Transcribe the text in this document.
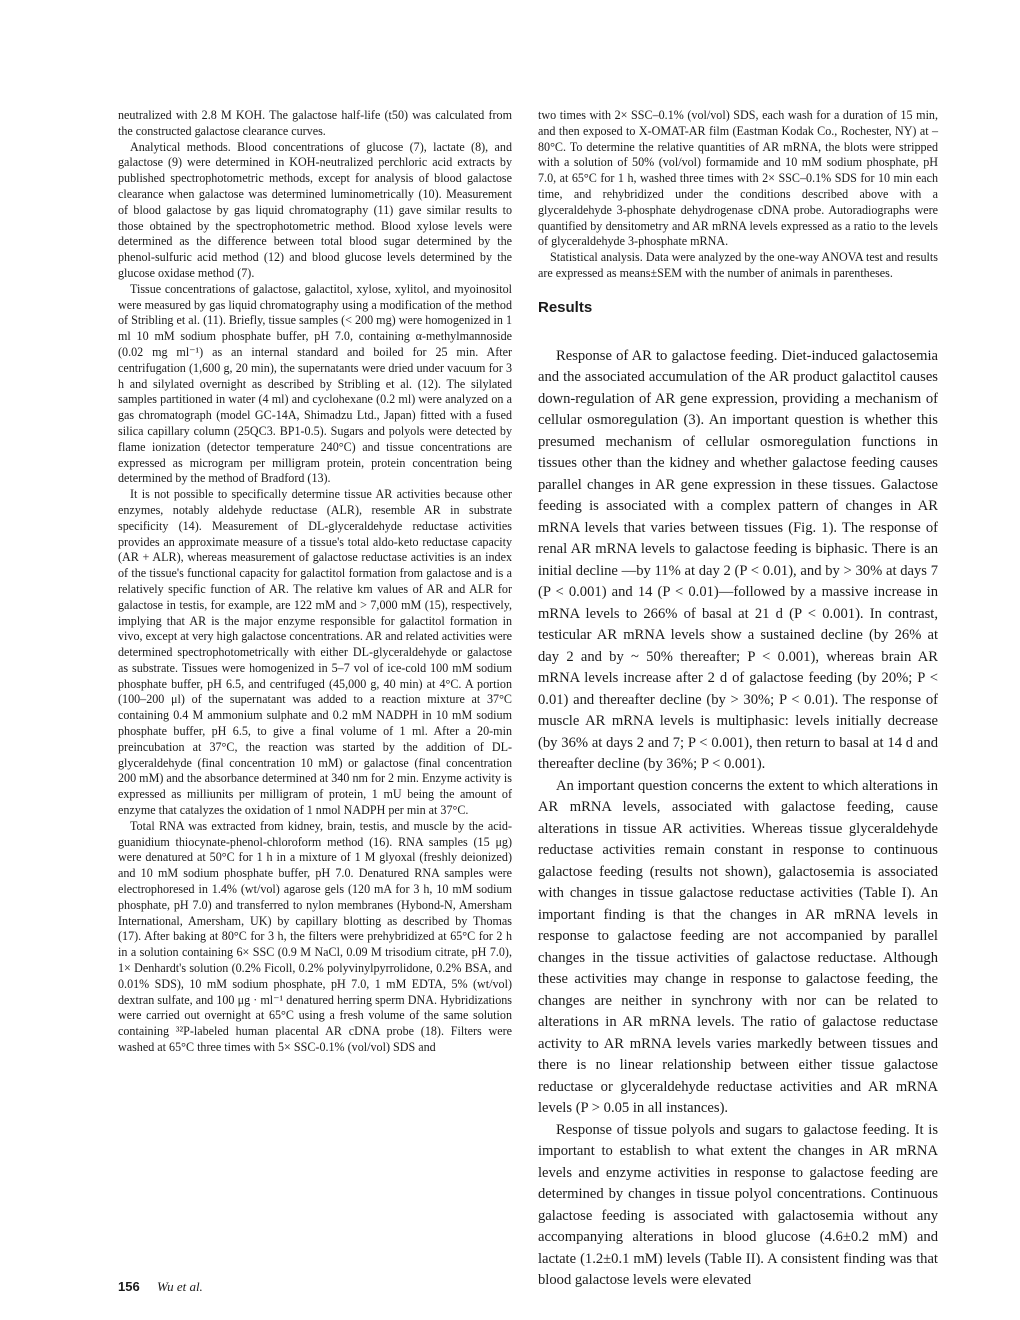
neutralized with 2.8 M KOH. The galactose half-life (t50) was calculated from the constructed galactose clearance curves.

Analytical methods. Blood concentrations of glucose (7), lactate (8), and galactose (9) were determined in KOH-neutralized perchloric acid extracts by published spectrophotometric methods, except for analysis of blood galactose clearance when galactose was determined luminometrically (10). Measurement of blood galactose by gas liquid chromatography (11) gave similar results to those obtained by the spectrophotometric method. Blood xylose levels were determined as the difference between total blood sugar determined by the phenol-sulfuric acid method (12) and blood glucose levels determined by the glucose oxidase method (7).

Tissue concentrations of galactose, galactitol, xylose, xylitol, and myoinositol were measured by gas liquid chromatography using a modification of the method of Stribling et al. (11). Briefly, tissue samples (< 200 mg) were homogenized in 1 ml 10 mM sodium phosphate buffer, pH 7.0, containing α-methylmannoside (0.02 mg ml⁻¹) as an internal standard and boiled for 25 min. After centrifugation (1,600 g, 20 min), the supernatants were dried under vacuum for 3 h and silylated overnight as described by Stribling et al. (12). The silylated samples partitioned in water (4 ml) and cyclohexane (0.2 ml) were analyzed on a gas chromatograph (model GC-14A, Shimadzu Ltd., Japan) fitted with a fused silica capillary column (25QC3. BP1-0.5). Sugars and polyols were detected by flame ionization (detector temperature 240°C) and tissue concentrations are expressed as microgram per milligram protein, protein concentration being determined by the method of Bradford (13).

It is not possible to specifically determine tissue AR activities because other enzymes, notably aldehyde reductase (ALR), resemble AR in substrate specificity (14). Measurement of DL-glyceraldehyde reductase activities provides an approximate measure of a tissue's total aldo-keto reductase capacity (AR + ALR), whereas measurement of galactose reductase activities is an index of the tissue's functional capacity for galactitol formation from galactose and is a relatively specific function of AR. The relative km values of AR and ALR for galactose in testis, for example, are 122 mM and > 7,000 mM (15), respectively, implying that AR is the major enzyme responsible for galactitol formation in vivo, except at very high galactose concentrations. AR and related activities were determined spectrophotometrically with either DL-glyceraldehyde or galactose as substrate. Tissues were homogenized in 5–7 vol of ice-cold 100 mM sodium phosphate buffer, pH 6.5, and centrifuged (45,000 g, 40 min) at 4°C. A portion (100–200 μl) of the supernatant was added to a reaction mixture at 37°C containing 0.4 M ammonium sulphate and 0.2 mM NADPH in 10 mM sodium phosphate buffer, pH 6.5, to give a final volume of 1 ml. After a 20-min preincubation at 37°C, the reaction was started by the addition of DL-glyceraldehyde (final concentration 10 mM) or galactose (final concentration 200 mM) and the absorbance determined at 340 nm for 2 min. Enzyme activity is expressed as milliunits per milligram of protein, 1 mU being the amount of enzyme that catalyzes the oxidation of 1 nmol NADPH per min at 37°C.

Total RNA was extracted from kidney, brain, testis, and muscle by the acid-guanidium thiocynate-phenol-chloroform method (16). RNA samples (15 μg) were denatured at 50°C for 1 h in a mixture of 1 M glyoxal (freshly deionized) and 10 mM sodium phosphate buffer, pH 7.0. Denatured RNA samples were electrophoresed in 1.4% (wt/vol) agarose gels (120 mA for 3 h, 10 mM sodium phosphate, pH 7.0) and transferred to nylon membranes (Hybond-N, Amersham International, Amersham, UK) by capillary blotting as described by Thomas (17). After baking at 80°C for 3 h, the filters were prehybridized at 65°C for 2 h in a solution containing 6× SSC (0.9 M NaCl, 0.09 M trisodium citrate, pH 7.0), 1× Denhardt's solution (0.2% Ficoll, 0.2% polyvinylpyrrolidone, 0.2% BSA, and 0.01% SDS), 10 mM sodium phosphate, pH 7.0, 1 mM EDTA, 5% (wt/vol) dextran sulfate, and 100 μg · ml⁻¹ denatured herring sperm DNA. Hybridizations were carried out overnight at 65°C using a fresh volume of the same solution containing ³²P-labeled human placental AR cDNA probe (18). Filters were washed at 65°C three times with 5× SSC-0.1% (vol/vol) SDS and

two times with 2× SSC–0.1% (vol/vol) SDS, each wash for a duration of 15 min, and then exposed to X-OMAT-AR film (Eastman Kodak Co., Rochester, NY) at –80°C. To determine the relative quantities of AR mRNA, the blots were stripped with a solution of 50% (vol/vol) formamide and 10 mM sodium phosphate, pH 7.0, at 65°C for 1 h, washed three times with 2× SSC–0.1% SDS for 10 min each time, and rehybridized under the conditions described above with a glyceraldehyde 3-phosphate dehydrogenase cDNA probe. Autoradiographs were quantified by densitometry and AR mRNA levels expressed as a ratio to the levels of glyceraldehyde 3-phosphate mRNA.

Statistical analysis. Data were analyzed by the one-way ANOVA test and results are expressed as means±SEM with the number of animals in parentheses.

Results

Response of AR to galactose feeding. Diet-induced galactosemia and the associated accumulation of the AR product galactitol causes down-regulation of AR gene expression, providing a mechanism of cellular osmoregulation (3). An important question is whether this presumed mechanism of cellular osmoregulation functions in tissues other than the kidney and whether galactose feeding causes parallel changes in AR gene expression in these tissues. Galactose feeding is associated with a complex pattern of changes in AR mRNA levels that varies between tissues (Fig. 1). The response of renal AR mRNA levels to galactose feeding is biphasic. There is an initial decline —by 11% at day 2 (P < 0.01), and by > 30% at days 7 (P < 0.001) and 14 (P < 0.01)—followed by a massive increase in mRNA levels to 266% of basal at 21 d (P < 0.001). In contrast, testicular AR mRNA levels show a sustained decline (by 26% at day 2 and by ~ 50% thereafter; P < 0.001), whereas brain AR mRNA levels increase after 2 d of galactose feeding (by 20%; P < 0.01) and thereafter decline (by > 30%; P < 0.01). The response of muscle AR mRNA levels is multiphasic: levels initially decrease (by 36% at days 2 and 7; P < 0.001), then return to basal at 14 d and thereafter decline (by 36%; P < 0.001).

An important question concerns the extent to which alterations in AR mRNA levels, associated with galactose feeding, cause alterations in tissue AR activities. Whereas tissue glyceraldehyde reductase activities remain constant in response to continuous galactose feeding (results not shown), galactosemia is associated with changes in tissue galactose reductase activities (Table I). An important finding is that the changes in AR mRNA levels in response to galactose feeding are not accompanied by parallel changes in the tissue activities of galactose reductase. Although these activities may change in response to galactose feeding, the changes are neither in synchrony with nor can be related to alterations in AR mRNA levels. The ratio of galactose reductase activity to AR mRNA levels varies markedly between tissues and there is no linear relationship between either tissue galactose reductase or glyceraldehyde reductase activities and AR mRNA levels (P > 0.05 in all instances).

Response of tissue polyols and sugars to galactose feeding. It is important to establish to what extent the changes in AR mRNA levels and enzyme activities in response to galactose feeding are determined by changes in tissue polyol concentrations. Continuous galactose feeding is associated with galactosemia without any accompanying alterations in blood glucose (4.6±0.2 mM) and lactate (1.2±0.1 mM) levels (Table II). A consistent finding was that blood galactose levels were elevated

156 Wu et al.
